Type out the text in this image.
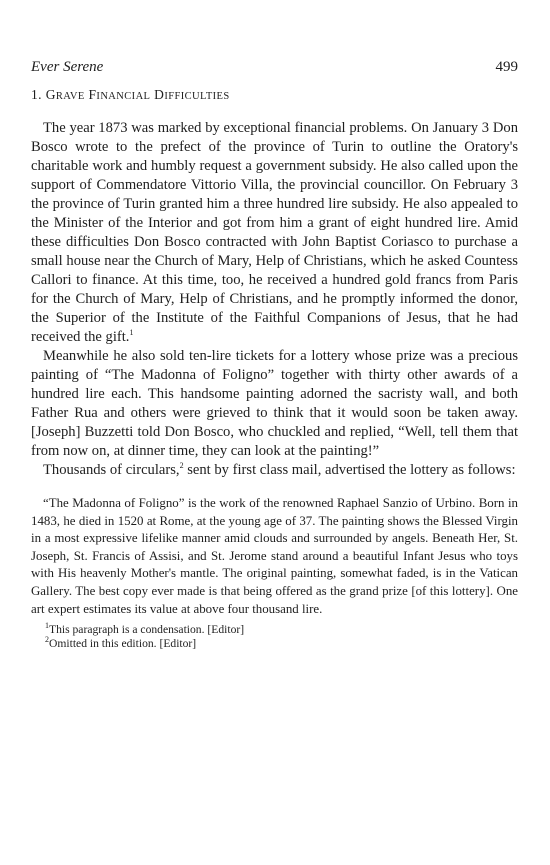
Ever Serene	499
1. GRAVE FINANCIAL DIFFICULTIES

The year 1873 was marked by exceptional financial problems. On January 3 Don Bosco wrote to the prefect of the province of Turin to outline the Oratory's charitable work and humbly request a government subsidy. He also called upon the support of Commendatore Vittorio Villa, the provincial councillor. On February 3 the province of Turin granted him a three hundred lire subsidy. He also appealed to the Minister of the Interior and got from him a grant of eight hundred lire. Amid these difficulties Don Bosco contracted with John Baptist Coriasco to purchase a small house near the Church of Mary, Help of Christians, which he asked Countess Callori to finance. At this time, too, he received a hundred gold francs from Paris for the Church of Mary, Help of Christians, and he promptly informed the donor, the Superior of the Institute of the Faithful Companions of Jesus, that he had received the gift.$^1$

Meanwhile he also sold ten-lire tickets for a lottery whose prize was a precious painting of “The Madonna of Foligno” together with thirty other awards of a hundred lire each. This handsome painting adorned the sacristy wall, and both Father Rua and others were grieved to think that it would soon be taken away. [Joseph] Buzzetti told Don Bosco, who chuckled and replied, “Well, tell them that from now on, at dinner time, they can look at the painting!”

Thousands of circulars,$^2$ sent by first class mail, advertised the lottery as follows:

“The Madonna of Foligno” is the work of the renowned Raphael Sanzio of Urbino. Born in 1483, he died in 1520 at Rome, at the young age of 37. The painting shows the Blessed Virgin in a most expressive lifelike manner amid clouds and surrounded by angels. Beneath Her, St. Joseph, St. Francis of Assisi, and St. Jerome stand around a beautiful Infant Jesus who toys with His heavenly Mother's mantle. The original painting, somewhat faded, is in the Vatican Gallery. The best copy ever made is that being offered as the grand prize [of this lottery]. One art expert estimates its value at above four thousand lire.

$^1$This paragraph is a condensation. [Editor]
$^2$Omitted in this edition. [Editor]
